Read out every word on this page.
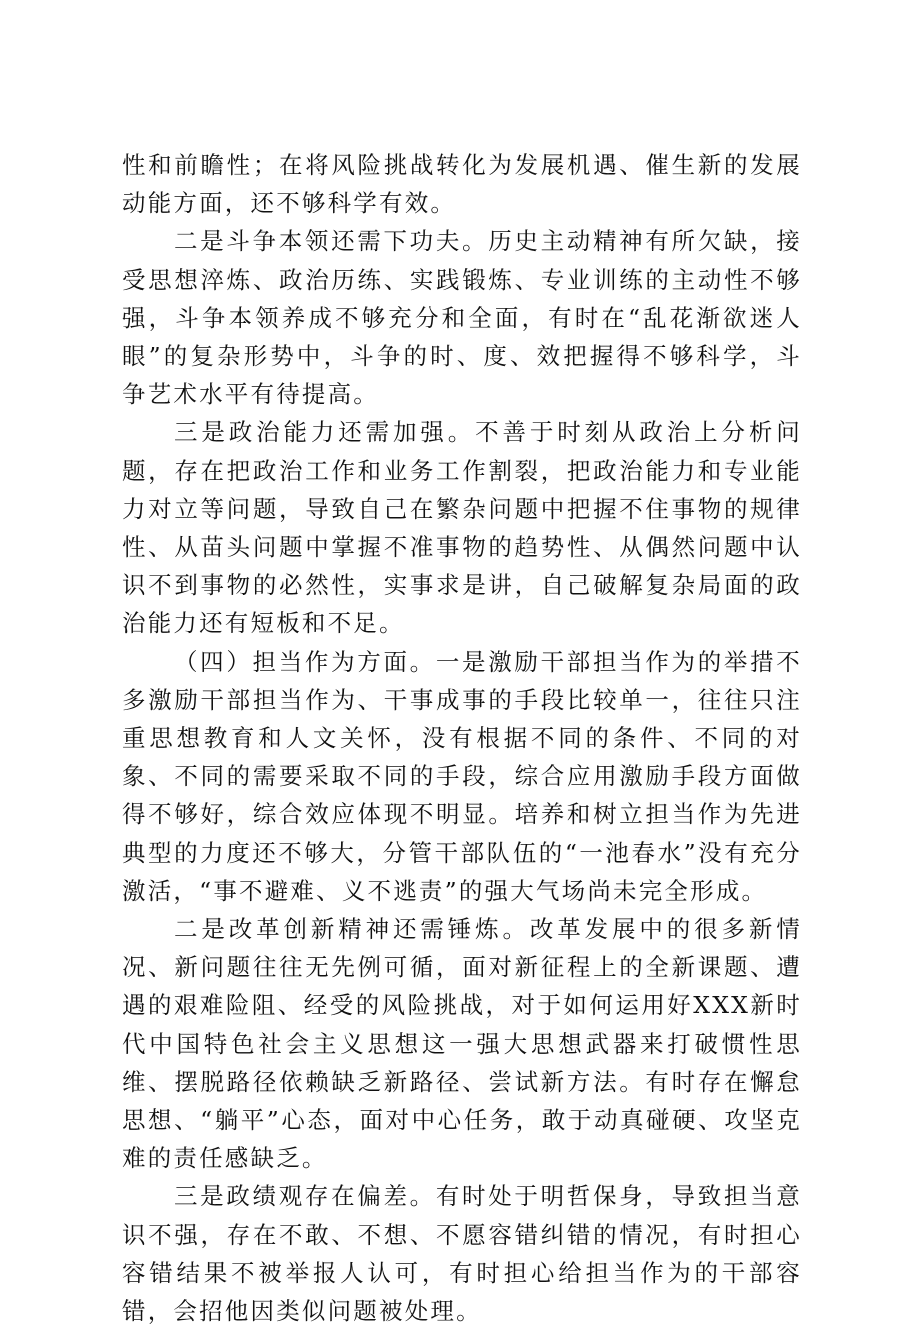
性和前瞻性；在将风险挑战转化为发展机遇、催生新的发展动能方面，还不够科学有效。

二是斗争本领还需下功夫。历史主动精神有所欠缺，接受思想淬炼、政治历练、实践锻炼、专业训练的主动性不够强，斗争本领养成不够充分和全面，有时在“乱花渐欲迷人眼”的复杂形势中，斗争的时、度、效把握得不够科学，斗争艺术水平有待提高。

三是政治能力还需加强。不善于时刻从政治上分析问题，存在把政治工作和业务工作割裂，把政治能力和专业能力对立等问题，导致自己在繁杂问题中把握不住事物的规律性、从苗头问题中掌握不准事物的趋势性、从偶然问题中认识不到事物的必然性，实事求是讲，自己破解复杂局面的政治能力还有短板和不足。

（四）担当作为方面。一是激励干部担当作为的举措不多激励干部担当作为、干事成事的手段比较单一，往往只注重思想教育和人文关怀，没有根据不同的条件、不同的对象、不同的需要采取不同的手段，综合应用激励手段方面做得不够好，综合效应体现不明显。培养和树立担当作为先进典型的力度还不够大，分管干部队伍的“一池春水”没有充分激活，“事不避难、义不逃责”的强大气场尚未完全形成。

二是改革创新精神还需锤炼。改革发展中的很多新情况、新问题往往无先例可循，面对新征程上的全新课题、遭遇的艰难险阻、经受的风险挑战，对于如何运用好XXX新时代中国特色社会主义思想这一强大思想武器来打破惯性思维、摆脱路径依赖缺乏新路径、尝试新方法。有时存在懈怠思想、“躺平”心态，面对中心任务，敢于动真碰硬、攻坚克难的责任感缺乏。

三是政绩观存在偏差。有时处于明哲保身，导致担当意识不强，存在不敢、不想、不愿容错纠错的情况，有时担心容错结果不被举报人认可，有时担心给担当作为的干部容错，会招他因类似问题被处理。
